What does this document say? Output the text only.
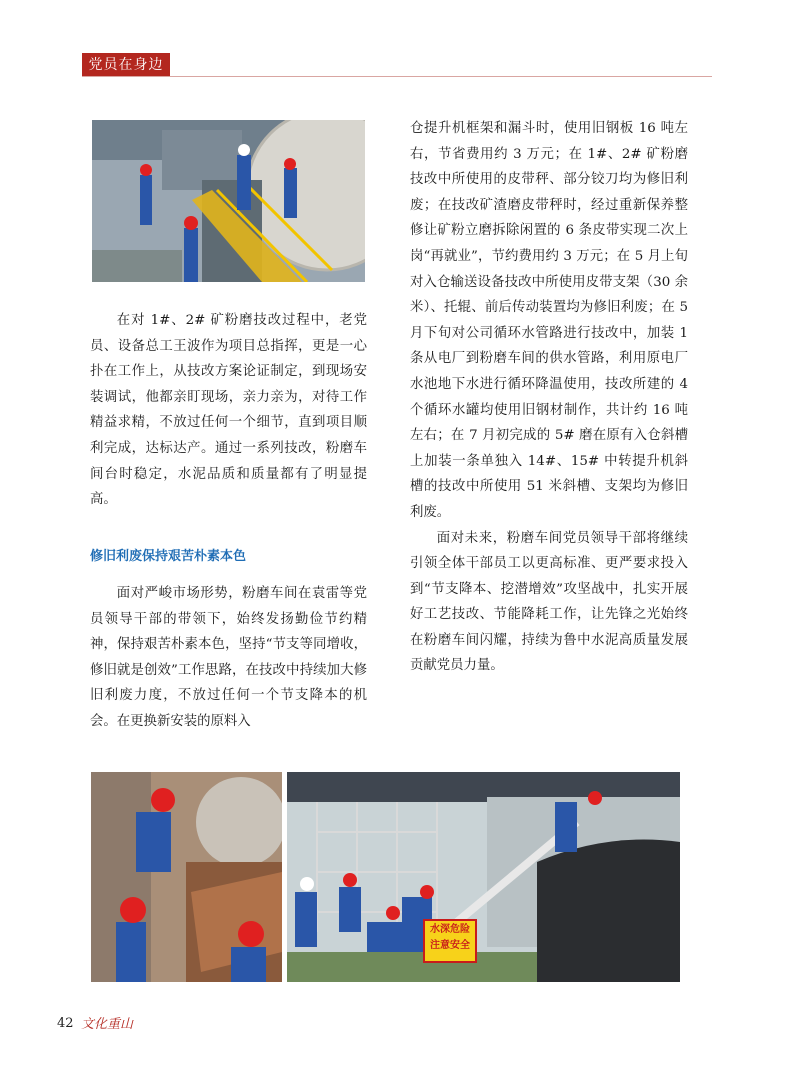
党员在身边
水深危险
注意安全

在对 1#、2# 矿粉磨技改过程中，老党员、设备总工王波作为项目总指挥，更是一心扑在工作上，从技改方案论证制定，到现场安装调试，他都亲盯现场，亲力亲为，对待工作精益求精，不放过任何一个细节，直到项目顺利完成，达标达产。通过一系列技改，粉磨车间台时稳定，水泥品质和质量都有了明显提高。

修旧利废保持艰苦朴素本色

面对严峻市场形势，粉磨车间在袁雷等党员领导干部的带领下，始终发扬勤俭节约精神，保持艰苦朴素本色，坚持“节支等同增收，修旧就是创效”工作思路，在技改中持续加大修旧利废力度，不放过任何一个节支降本的机会。在更换新安装的原料入

仓提升机框架和漏斗时，使用旧钢板 16 吨左右，节省费用约 3 万元；在 1#、2# 矿粉磨技改中所使用的皮带秤、部分铰刀均为修旧利废；在技改矿渣磨皮带秤时，经过重新保养整修让矿粉立磨拆除闲置的 6 条皮带实现二次上岗“再就业”，节约费用约 3 万元；在 5 月上旬对入仓输送设备技改中所使用皮带支架（30 余米）、托辊、前后传动装置均为修旧利废；在 5 月下旬对公司循环水管路进行技改中，加装 1 条从电厂到粉磨车间的供水管路，利用原电厂水池地下水进行循环降温使用，技改所建的 4 个循环水罐均使用旧钢材制作，共计约 16 吨左右；在 7 月初完成的 5# 磨在原有入仓斜槽上加装一条单独入 14#、15# 中转提升机斜槽的技改中所使用 51 米斜槽、支架均为修旧利废。

面对未来，粉磨车间党员领导干部将继续引领全体干部员工以更高标准、更严要求投入到“节支降本、挖潜增效”攻坚战中，扎实开展好工艺技改、节能降耗工作，让先锋之光始终在粉磨车间闪耀，持续为鲁中水泥高质量发展贡献党员力量。

42 文化重山
